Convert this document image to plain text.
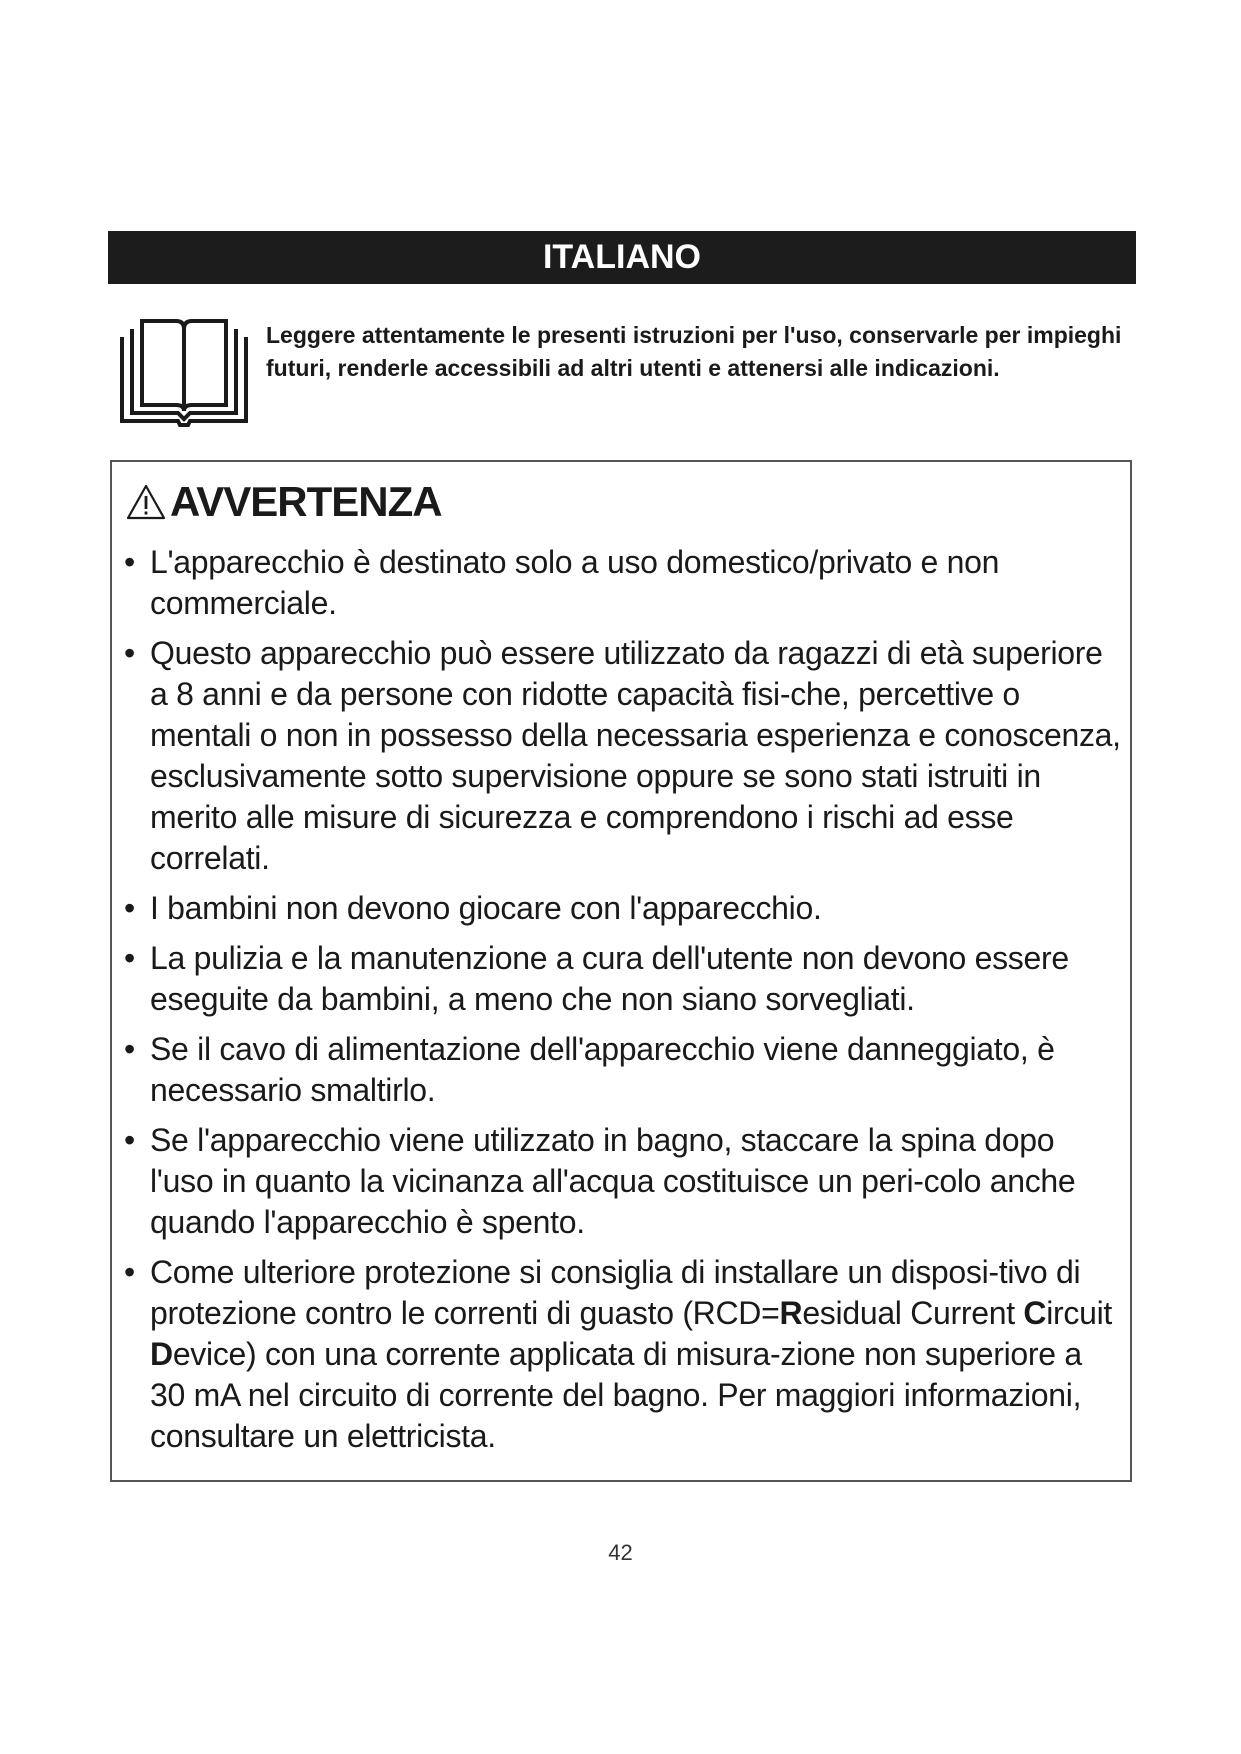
ITALIANO
Leggere attentamente le presenti istruzioni per l'uso, conservarle per impieghi futuri, renderle accessibili ad altri utenti e attenersi alle indicazioni.
AVVERTENZA
• L'apparecchio è destinato solo a uso domestico/privato e non commerciale.
• Questo apparecchio può essere utilizzato da ragazzi di età superiore a 8 anni e da persone con ridotte capacità fisi-che, percettive o mentali o non in possesso della necessaria esperienza e conoscenza, esclusivamente sotto supervisione oppure se sono stati istruiti in merito alle misure di sicurezza e comprendono i rischi ad esse correlati.
• I bambini non devono giocare con l'apparecchio.
• La pulizia e la manutenzione a cura dell'utente non devono essere eseguite da bambini, a meno che non siano sorvegliati.
• Se il cavo di alimentazione dell'apparecchio viene danneggiato, è necessario smaltirlo.
• Se l'apparecchio viene utilizzato in bagno, staccare la spina dopo l'uso in quanto la vicinanza all'acqua costituisce un peri-colo anche quando l'apparecchio è spento.
• Come ulteriore protezione si consiglia di installare un disposi-tivo di protezione contro le correnti di guasto (RCD=Residual Current Circuit Device) con una corrente applicata di misura-zione non superiore a 30 mA nel circuito di corrente del bagno. Per maggiori informazioni, consultare un elettricista.
42
